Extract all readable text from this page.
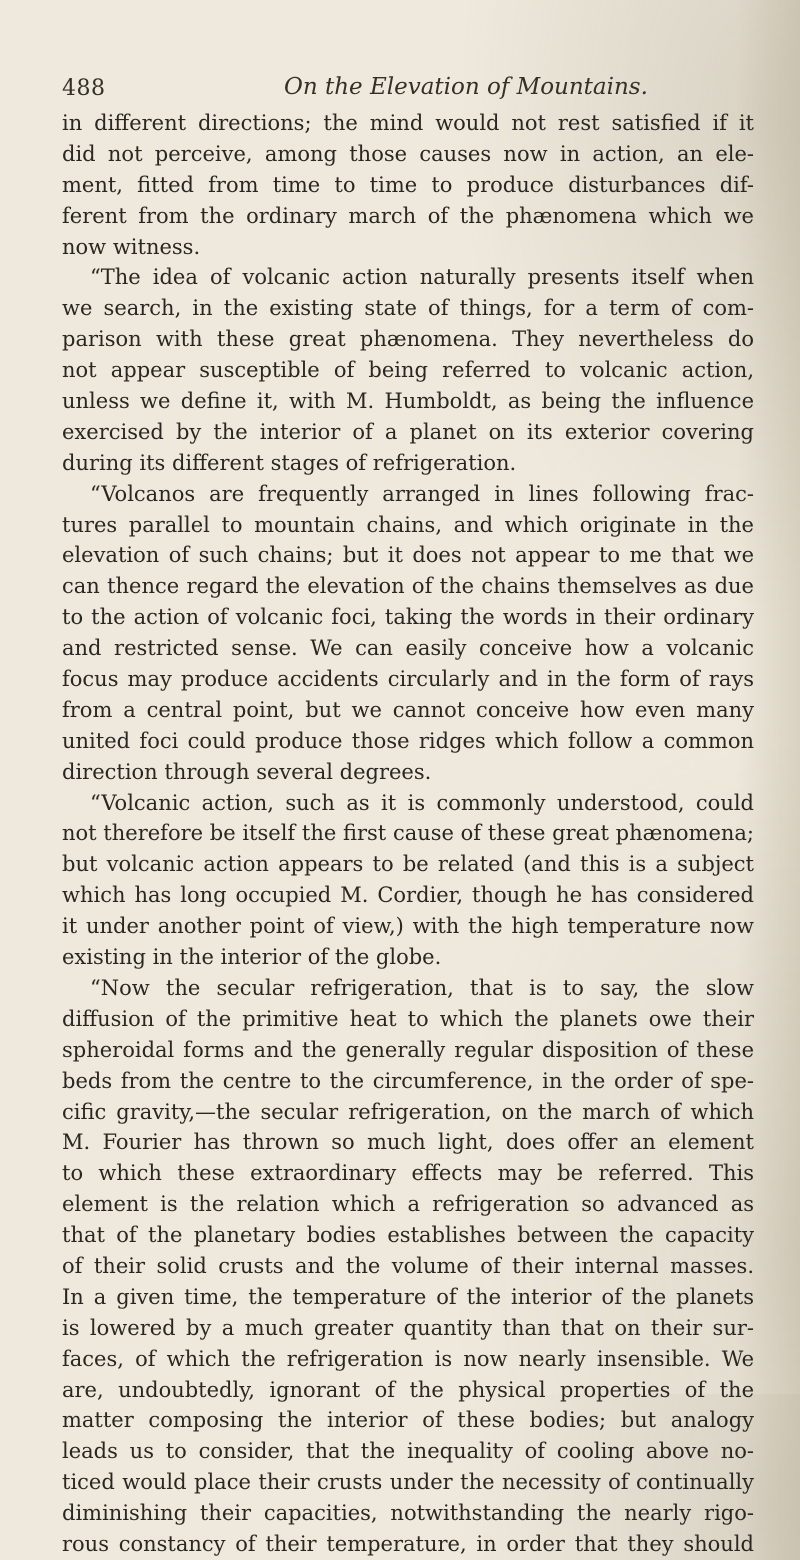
488	On the Elevation of Mountains.
in different directions; the mind would not rest satisfied if it
did not perceive, among those causes now in action, an ele-
ment, fitted from time to time to produce disturbances dif-
ferent from the ordinary march of the phænomena which we
now witness.
“The idea of volcanic action naturally presents itself when
we search, in the existing state of things, for a term of com-
parison with these great phænomena. They nevertheless do
not appear susceptible of being referred to volcanic action,
unless we define it, with M. Humboldt, as being the influence
exercised by the interior of a planet on its exterior covering
during its different stages of refrigeration.
“Volcanos are frequently arranged in lines following frac-
tures parallel to mountain chains, and which originate in the
elevation of such chains; but it does not appear to me that we
can thence regard the elevation of the chains themselves as due
to the action of volcanic foci, taking the words in their ordinary
and restricted sense. We can easily conceive how a volcanic
focus may produce accidents circularly and in the form of rays
from a central point, but we cannot conceive how even many
united foci could produce those ridges which follow a common
direction through several degrees.
“Volcanic action, such as it is commonly understood, could
not therefore be itself the first cause of these great phænomena;
but volcanic action appears to be related (and this is a subject
which has long occupied M. Cordier, though he has considered
it under another point of view,) with the high temperature now
existing in the interior of the globe.
“Now the secular refrigeration, that is to say, the slow
diffusion of the primitive heat to which the planets owe their
spheroidal forms and the generally regular disposition of these
beds from the centre to the circumference, in the order of spe-
cific gravity,—the secular refrigeration, on the march of which
M. Fourier has thrown so much light, does offer an element
to which these extraordinary effects may be referred. This
element is the relation which a refrigeration so advanced as
that of the planetary bodies establishes between the capacity
of their solid crusts and the volume of their internal masses.
In a given time, the temperature of the interior of the planets
is lowered by a much greater quantity than that on their sur-
faces, of which the refrigeration is now nearly insensible. We
are, undoubtedly, ignorant of the physical properties of the
matter composing the interior of these bodies; but analogy
leads us to consider, that the inequality of cooling above no-
ticed would place their crusts under the necessity of continually
diminishing their capacities, notwithstanding the nearly rigo-
rous constancy of their temperature, in order that they should
